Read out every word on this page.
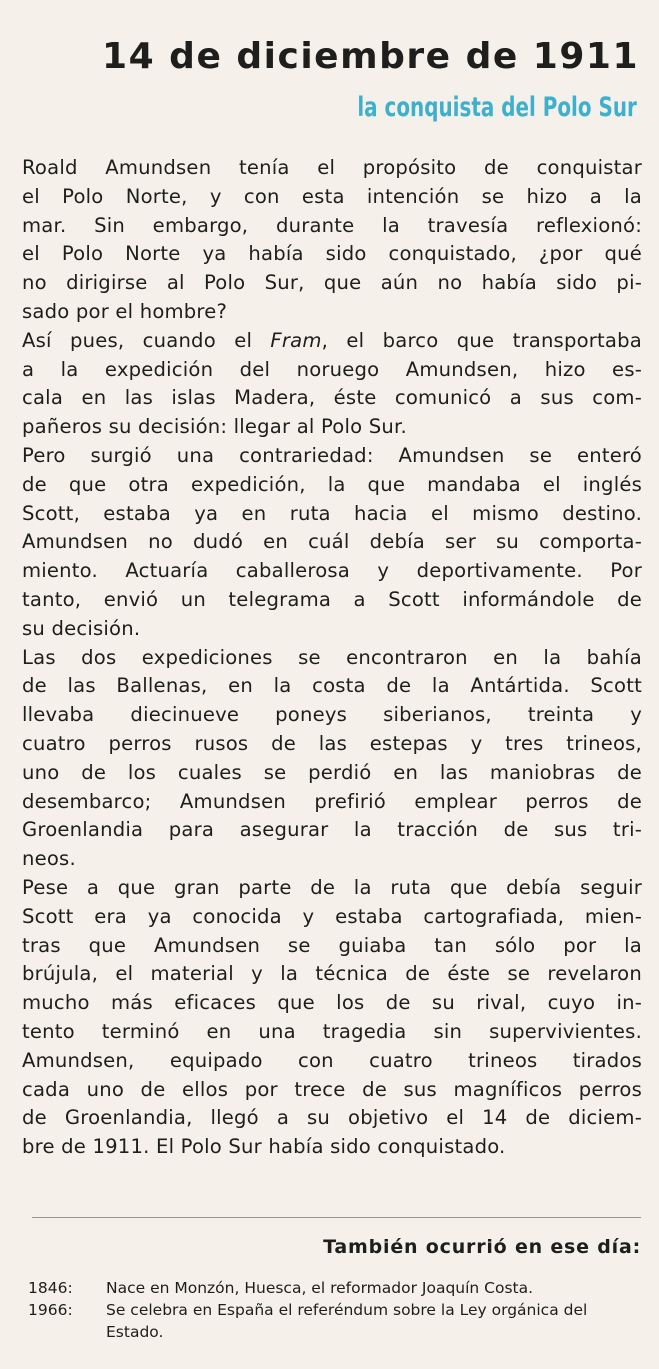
14 de diciembre de 1911
la conquista del Polo Sur

Roald Amundsen tenía el propósito de conquistar
el Polo Norte, y con esta intención se hizo a la
mar. Sin embargo, durante la travesía reflexionó:
el Polo Norte ya había sido conquistado, ¿por qué
no dirigirse al Polo Sur, que aún no había sido pi-
sado por el hombre?

Así pues, cuando el Fram, el barco que transportaba
a la expedición del noruego Amundsen, hizo es-
cala en las islas Madera, éste comunicó a sus com-
pañeros su decisión: llegar al Polo Sur.

Pero surgió una contrariedad: Amundsen se enteró
de que otra expedición, la que mandaba el inglés
Scott, estaba ya en ruta hacia el mismo destino.
Amundsen no dudó en cuál debía ser su comporta-
miento. Actuaría caballerosa y deportivamente. Por
tanto, envió un telegrama a Scott informándole de
su decisión.

Las dos expediciones se encontraron en la bahía
de las Ballenas, en la costa de la Antártida. Scott
llevaba diecinueve poneys siberianos, treinta y
cuatro perros rusos de las estepas y tres trineos,
uno de los cuales se perdió en las maniobras de
desembarco; Amundsen prefirió emplear perros de
Groenlandia para asegurar la tracción de sus tri-
neos.

Pese a que gran parte de la ruta que debía seguir
Scott era ya conocida y estaba cartografiada, mien-
tras que Amundsen se guiaba tan sólo por la
brújula, el material y la técnica de éste se revelaron
mucho más eficaces que los de su rival, cuyo in-
tento terminó en una tragedia sin supervivientes.
Amundsen, equipado con cuatro trineos tirados
cada uno de ellos por trece de sus magníficos perros
de Groenlandia, llegó a su objetivo el 14 de diciem-
bre de 1911. El Polo Sur había sido conquistado.

También ocurrió en ese día:
1846:	Nace en Monzón, Huesca, el reformador Joaquín Costa.
1966:	Se celebra en España el referéndum sobre la Ley orgánica del Estado.
